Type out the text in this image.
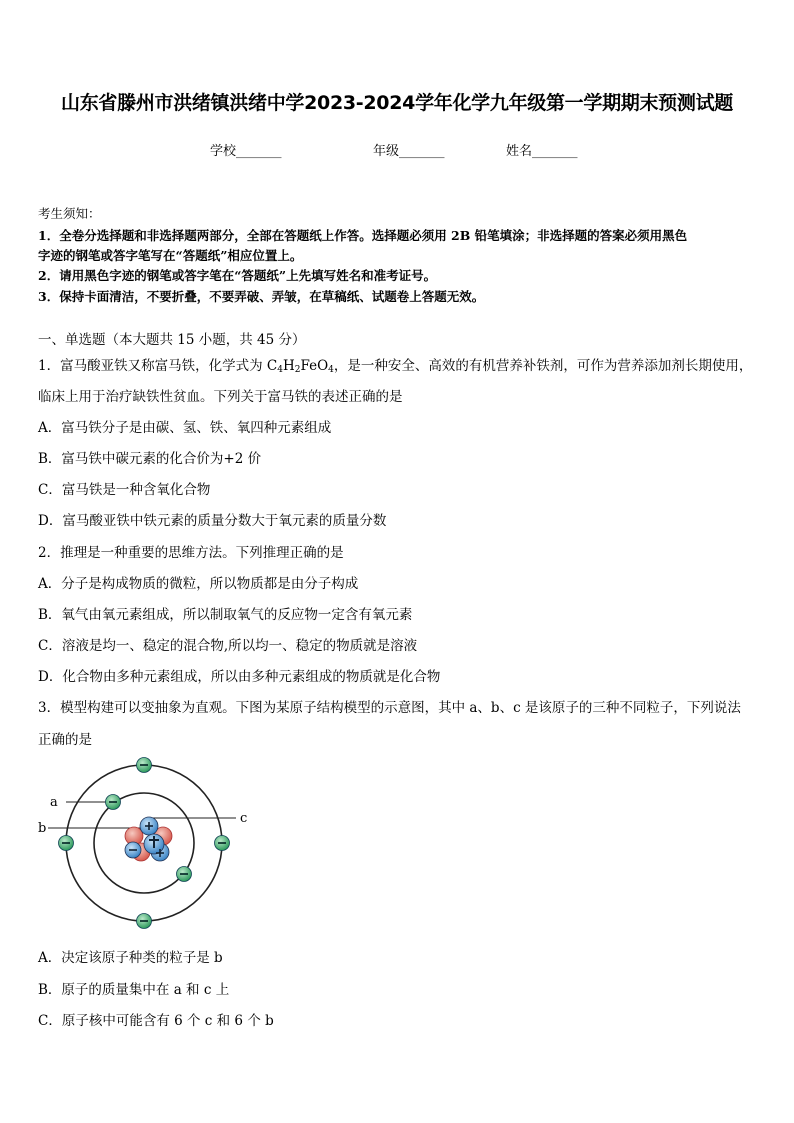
山东省滕州市洪绪镇洪绪中学2023-2024学年化学九年级第一学期期末预测试题
学校_______	年级_______	姓名_______
考生须知：
1．全卷分选择题和非选择题两部分，全部在答题纸上作答。选择题必须用 2B 铅笔填涂；非选择题的答案必须用黑色
字迹的钢笔或答字笔写在“答题纸”相应位置上。
2．请用黑色字迹的钢笔或答字笔在“答题纸”上先填写姓名和准考证号。
3．保持卡面清洁，不要折叠，不要弄破、弄皱，在草稿纸、试题卷上答题无效。
一、单选题（本大题共 15 小题，共 45 分）
1．富马酸亚铁又称富马铁，化学式为 $C_4H_2FeO_4$，是一种安全、高效的有机营养补铁剂，可作为营养添加剂长期使用，
临床上用于治疗缺铁性贫血。下列关于富马铁的表述正确的是
A．富马铁分子是由碳、氢、铁、氧四种元素组成
B．富马铁中碳元素的化合价为+2 价
C．富马铁是一种含氧化合物
D．富马酸亚铁中铁元素的质量分数大于氧元素的质量分数
2．推理是一种重要的思维方法。下列推理正确的是
A．分子是构成物质的微粒，所以物质都是由分子构成
B．氧气由氧元素组成，所以制取氧气的反应物一定含有氧元素
C．溶液是均一、稳定的混合物,所以均一、稳定的物质就是溶液
D．化合物由多种元素组成，所以由多种元素组成的物质就是化合物
3．模型构建可以变抽象为直观。下图为某原子结构模型的示意图，其中 a、b、c 是该原子的三种不同粒子，下列说法
正确的是
a
b
c
A．决定该原子种类的粒子是 b
B．原子的质量集中在 a 和 c 上
C．原子核中可能含有 6 个 c 和 6 个 b
